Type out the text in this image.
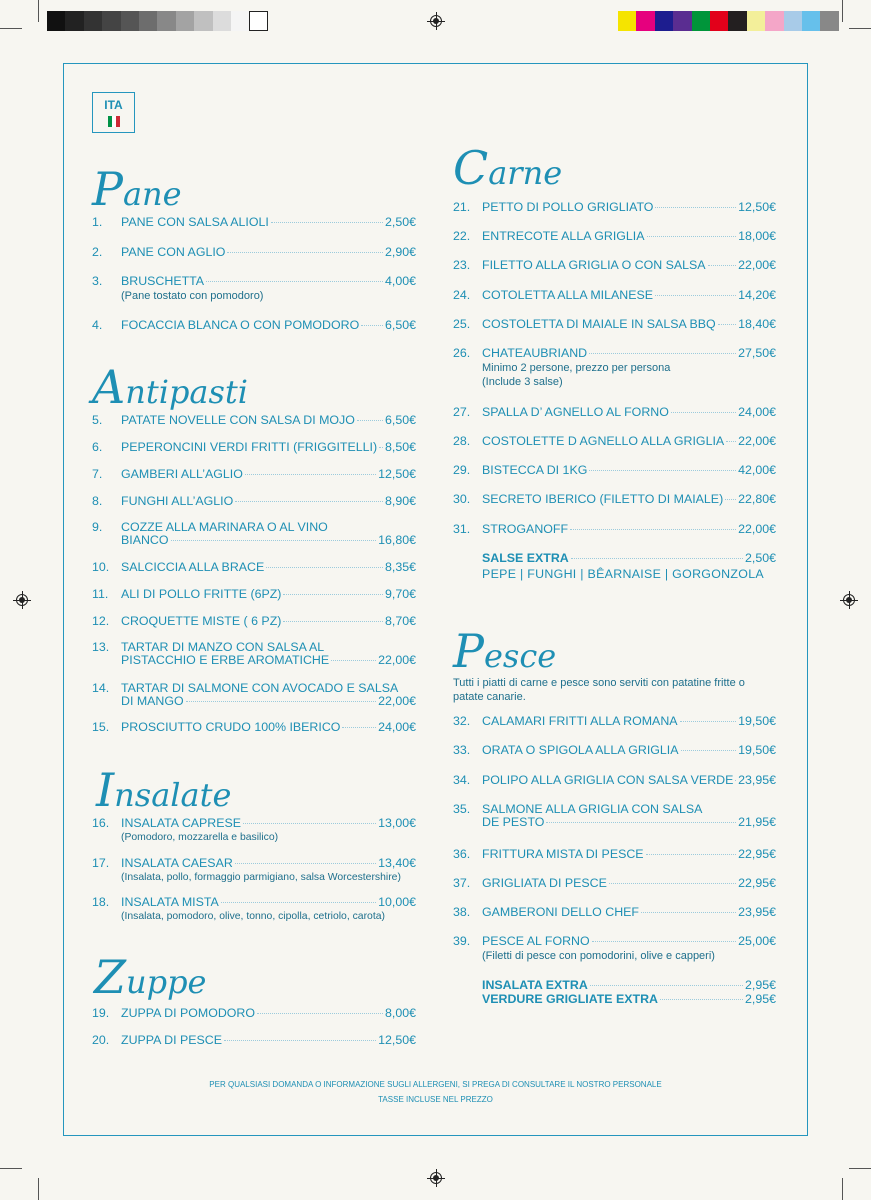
ITA
Pane
Antipasti
Insalate
Zuppe
Carne
Pesce
1. PANE CON SALSA ALIOLI	2,50€
2. PANE CON AGLIO	2,90€
3. BRUSCHETTA	4,00€
(Pane tostato con pomodoro)
4. FOCACCIA BLANCA O CON POMODORO 6,50€
5. PATATE NOVELLE CON SALSA DI MOJO 6,50€
6. PEPERONCINI VERDI FRITTI (FRIGGITELLI) 8,50€
7. GAMBERI ALL’AGLIO	12,50€
8. FUNGHI ALL’AGLIO	8,90€
9. COZZE ALLA MARINARA O AL VINO
BIANCO	16,80€
10. SALCICCIA ALLA BRACE	8,35€
11. ALI DI POLLO FRITTE (6PZ)	9,70€
12. CROQUETTE MISTE ( 6 PZ)	8,70€
13. TARTAR DI MANZO CON SALSA AL
PISTACCHIO E ERBE AROMATICHE	22,00€
14. TARTAR DI SALMONE CON AVOCADO E SALSA
DI MANGO	22,00€
15. PROSCIUTTO CRUDO 100% IBERICO	24,00€
16. INSALATA CAPRESE	13,00€
(Pomodoro, mozzarella e basilico)
17. INSALATA CAESAR	13,40€
(Insalata, pollo, formaggio parmigiano, salsa Worcestershire)
18. INSALATA MISTA	10,00€
(Insalata, pomodoro, olive, tonno, cipolla, cetriolo, carota)
19. ZUPPA DI POMODORO	8,00€
20. ZUPPA DI PESCE	12,50€
21. PETTO DI POLLO GRIGLIATO	12,50€
22. ENTRECOTE ALLA GRIGLIA	18,00€
23. FILETTO ALLA GRIGLIA O CON SALSA	22,00€
24. COTOLETTA ALLA MILANESE	14,20€
25. COSTOLETTA DI MAIALE IN SALSA BBQ 18,40€
26. CHATEAUBRIAND	27,50€
Minimo 2 persone, prezzo per persona
(Include 3 salse)
27. SPALLA D’ AGNELLO AL FORNO	24,00€
28. COSTOLETTE D AGNELLO ALLA GRIGLIA 22,00€
29. BISTECCA DI 1KG	42,00€
30. SECRETO IBERICO (FILETTO DI MAIALE) 22,80€
31. STROGANOFF	22,00€
32. CALAMARI FRITTI ALLA ROMANA	19,50€
33. ORATA O SPIGOLA ALLA GRIGLIA	19,50€
34. POLIPO ALLA GRIGLIA CON SALSA VERDE 23,95€
35. SALMONE ALLA GRIGLIA CON SALSA
DE PESTO	21,95€
36. FRITTURA MISTA DI PESCE	22,95€
37. GRIGLIATA DI PESCE	22,95€
38. GAMBERONI DELLO CHEF	23,95€
39. PESCE AL FORNO	25,00€
(Filetti di pesce con pomodorini, olive e capperi)
SALSE EXTRA	2,50€
PEPE | FUNGHI | BÊARNAISE | GORGONZOLA
Tutti i piatti di carne e pesce sono serviti con patatine fritte o patate canarie.
INSALATA EXTRA	2,95€
VERDURE GRIGLIATE EXTRA	2,95€
PER QUALSIASI DOMANDA O INFORMAZIONE SUGLI ALLERGENI, SI PREGA DI CONSULTARE IL NOSTRO PERSONALE
TASSE INCLUSE NEL PREZZO
